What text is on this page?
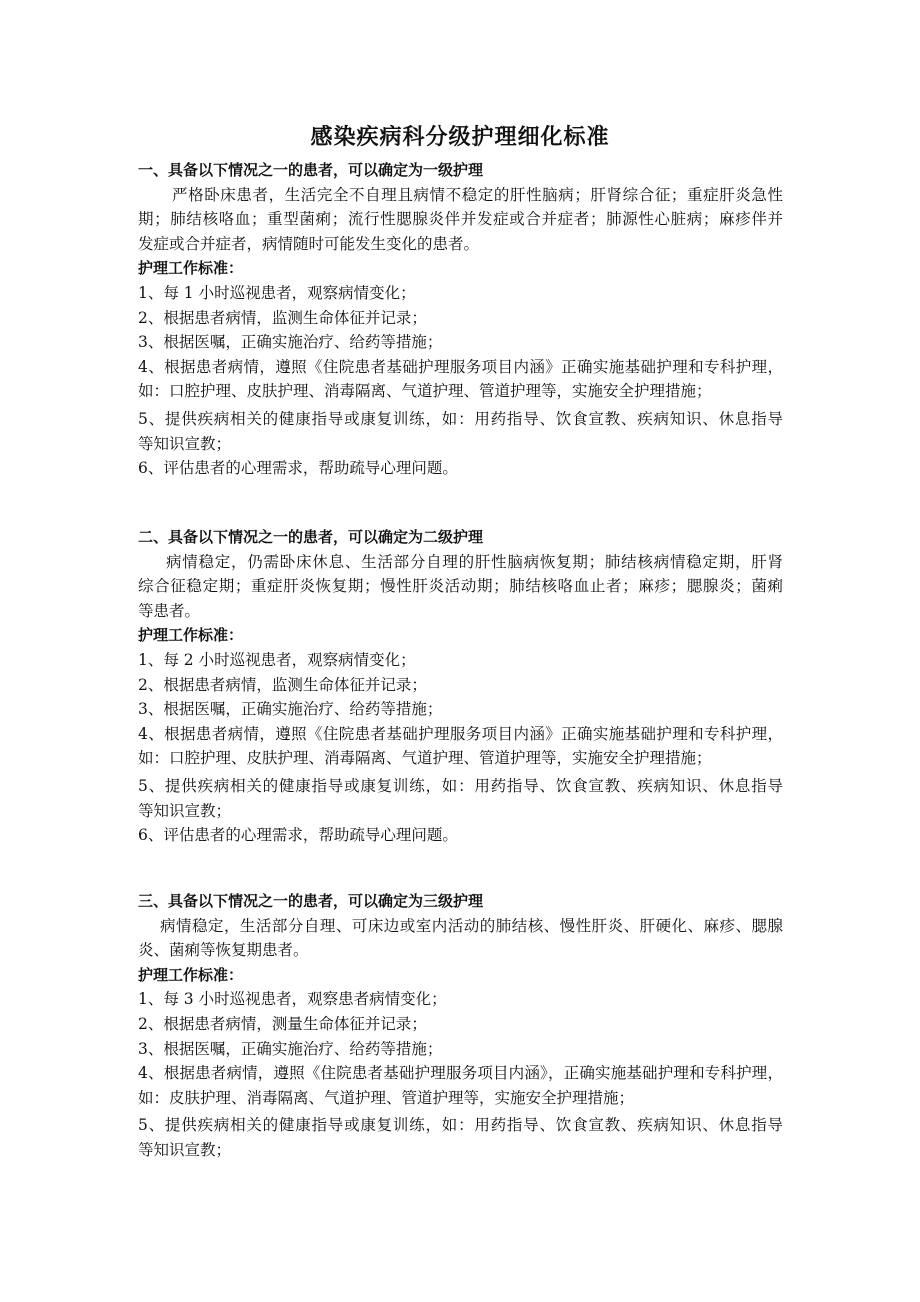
感染疾病科分级护理细化标准
一、具备以下情况之一的患者，可以确定为一级护理
严格卧床患者，生活完全不自理且病情不稳定的肝性脑病；肝肾综合征；重症肝炎急性
期；肺结核咯血；重型菌痢；流行性腮腺炎伴并发症或合并症者；肺源性心脏病；麻疹伴并
发症或合并症者，病情随时可能发生变化的患者。
护理工作标准：
1、每 1 小时巡视患者，观察病情变化；
2、根据患者病情，监测生命体征并记录；
3、根据医嘱，正确实施治疗、给药等措施；
4、根据患者病情，遵照《住院患者基础护理服务项目内涵》正确实施基础护理和专科护理，
如：口腔护理、皮肤护理、消毒隔离、气道护理、管道护理等，实施安全护理措施；
5、提供疾病相关的健康指导或康复训练，如：用药指导、饮食宣教、疾病知识、休息指导
等知识宣教；
6、评估患者的心理需求，帮助疏导心理问题。
二、具备以下情况之一的患者，可以确定为二级护理
病情稳定，仍需卧床休息、生活部分自理的肝性脑病恢复期；肺结核病情稳定期，肝肾
综合征稳定期；重症肝炎恢复期；慢性肝炎活动期；肺结核咯血止者；麻疹；腮腺炎；菌痢
等患者。
护理工作标准：
1、每 2 小时巡视患者，观察病情变化；
2、根据患者病情，监测生命体征并记录；
3、根据医嘱，正确实施治疗、给药等措施；
4、根据患者病情，遵照《住院患者基础护理服务项目内涵》正确实施基础护理和专科护理，
如：口腔护理、皮肤护理、消毒隔离、气道护理、管道护理等，实施安全护理措施；
5、提供疾病相关的健康指导或康复训练，如：用药指导、饮食宣教、疾病知识、休息指导
等知识宣教；
6、评估患者的心理需求，帮助疏导心理问题。
三、具备以下情况之一的患者，可以确定为三级护理
病情稳定，生活部分自理、可床边或室内活动的肺结核、慢性肝炎、肝硬化、麻疹、腮腺
炎、菌痢等恢复期患者。
护理工作标准：
1、每 3 小时巡视患者，观察患者病情变化；
2、根据患者病情，测量生命体征并记录；
3、根据医嘱，正确实施治疗、给药等措施；
4、根据患者病情，遵照《住院患者基础护理服务项目内涵》，正确实施基础护理和专科护理，
如：皮肤护理、消毒隔离、气道护理、管道护理等，实施安全护理措施；
5、提供疾病相关的健康指导或康复训练，如：用药指导、饮食宣教、疾病知识、休息指导
等知识宣教；
